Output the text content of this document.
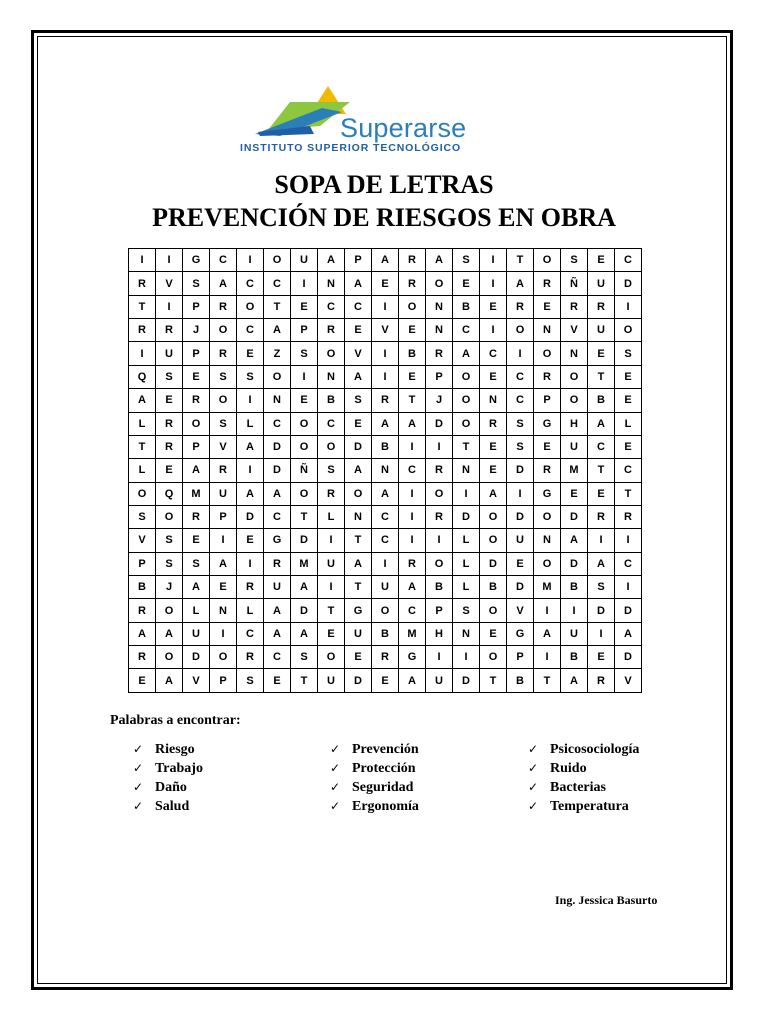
Superarse
INSTITUTO SUPERIOR TECNOLÓGICO
SOPA DE LETRAS
PREVENCIÓN DE RIESGOS EN OBRA
I	I	G	C	I	O	U	A	P	A	R	A	S	I	T	O	S	E	C
R	V	S	A	C	C	I	N	A	E	R	O	E	I	A	R	Ñ	U	D
T	I	P	R	O	T	E	C	C	I	O	N	B	E	R	E	R	R	I
R	R	J	O	C	A	P	R	E	V	E	N	C	I	O	N	V	U	O
I	U	P	R	E	Z	S	O	V	I	B	R	A	C	I	O	N	E	S
Q	S	E	S	S	O	I	N	A	I	E	P	O	E	C	R	O	T	E
A	E	R	O	I	N	E	B	S	R	T	J	O	N	C	P	O	B	E
L	R	O	S	L	C	O	C	E	A	A	D	O	R	S	G	H	A	L
T	R	P	V	A	D	O	O	D	B	I	I	T	E	S	E	U	C	E
L	E	A	R	I	D	Ñ	S	A	N	C	R	N	E	D	R	M	T	C
O	Q	M	U	A	A	O	R	O	A	I	O	I	A	I	G	E	E	T
S	O	R	P	D	C	T	L	N	C	I	R	D	O	D	O	D	R	R
V	S	E	I	E	G	D	I	T	C	I	I	L	O	U	N	A	I	I
P	S	S	A	I	R	M	U	A	I	R	O	L	D	E	O	D	A	C
B	J	A	E	R	U	A	I	T	U	A	B	L	B	D	M	B	S	I
R	O	L	N	L	A	D	T	G	O	C	P	S	O	V	I	I	D	D
A	A	U	I	C	A	A	E	U	B	M	H	N	E	G	A	U	I	A
R	O	D	O	R	C	S	O	E	R	G	I	I	O	P	I	B	E	D
E	A	V	P	S	E	T	U	D	E	A	U	D	T	B	T	A	R	V
Palabras a encontrar:
✓ Riesgo
✓ Trabajo
✓ Daño
✓ Salud
✓ Prevención
✓ Protección
✓ Seguridad
✓ Ergonomía
✓ Psicosociología
✓ Ruido
✓ Bacterias
✓ Temperatura
Ing. Jessica Basurto
